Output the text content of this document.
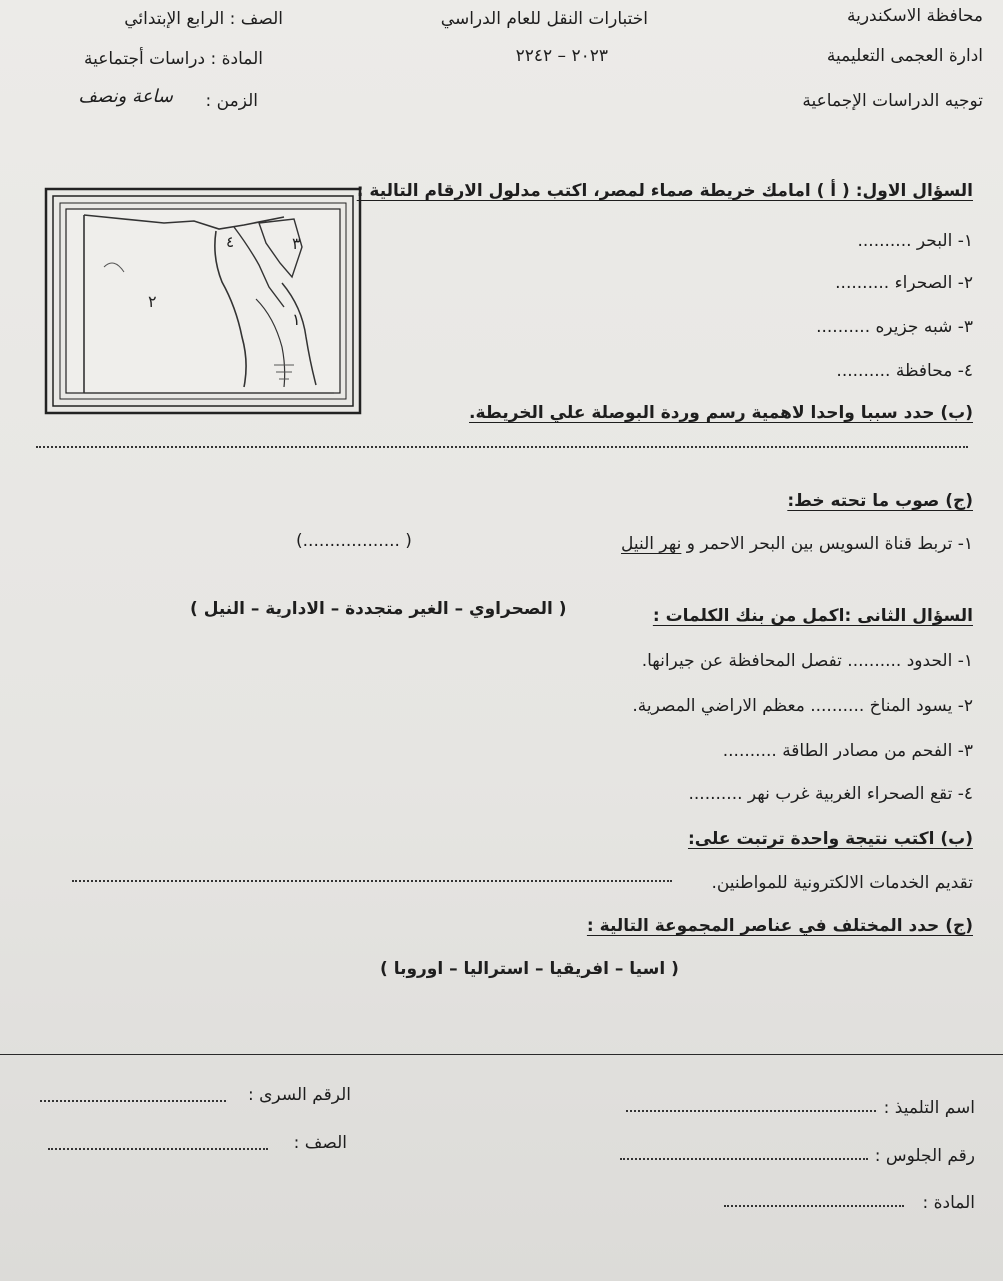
محافظة الاسكندرية
ادارة العجمى التعليمية
توجيه الدراسات الإجماعية
اختبارات النقل للعام الدراسي
٢٠٢٣ – ٢٢٤٢
الصف : الرابع الإبتدائي
المادة : دراسات أجتماعية
الزمن :
ساعة ونصف
٣
٤
٢
١
السؤال الاول: ( أ ) امامك خريطة صماء لمصر، اكتب مدلول الارقام التالية :
١- البحر ..........
٢- الصحراء ..........
٣- شبه جزيره ..........
٤- محافظة ..........
(ب) حدد سببا واحدا لاهمية رسم وردة البوصلة علي الخريطة.
(ج) صوب ما تحته خط:
١- تربط قناة السويس بين البحر الاحمر و نهر النيل
( ..................)
السؤال الثانى :اكمل من بنك الكلمات :
( الصحراوي – الغير متجددة – الادارية – النيل )
١- الحدود .......... تفصل المحافظة عن جيرانها.
٢- يسود المناخ .......... معظم الاراضي المصرية.
٣- الفحم من مصادر الطاقة ..........
٤- تقع الصحراء الغربية غرب نهر ..........
(ب) اكتب نتيجة واحدة ترتبت على:
تقديم الخدمات الالكترونية للمواطنين.
(ج) حدد المختلف في عناصر المجموعة التالية :
( اسيا – افريقيا – استراليا – اوروبا )
اسم التلميذ :
رقم الجلوس :
المادة :
الرقم السرى :
الصف :
